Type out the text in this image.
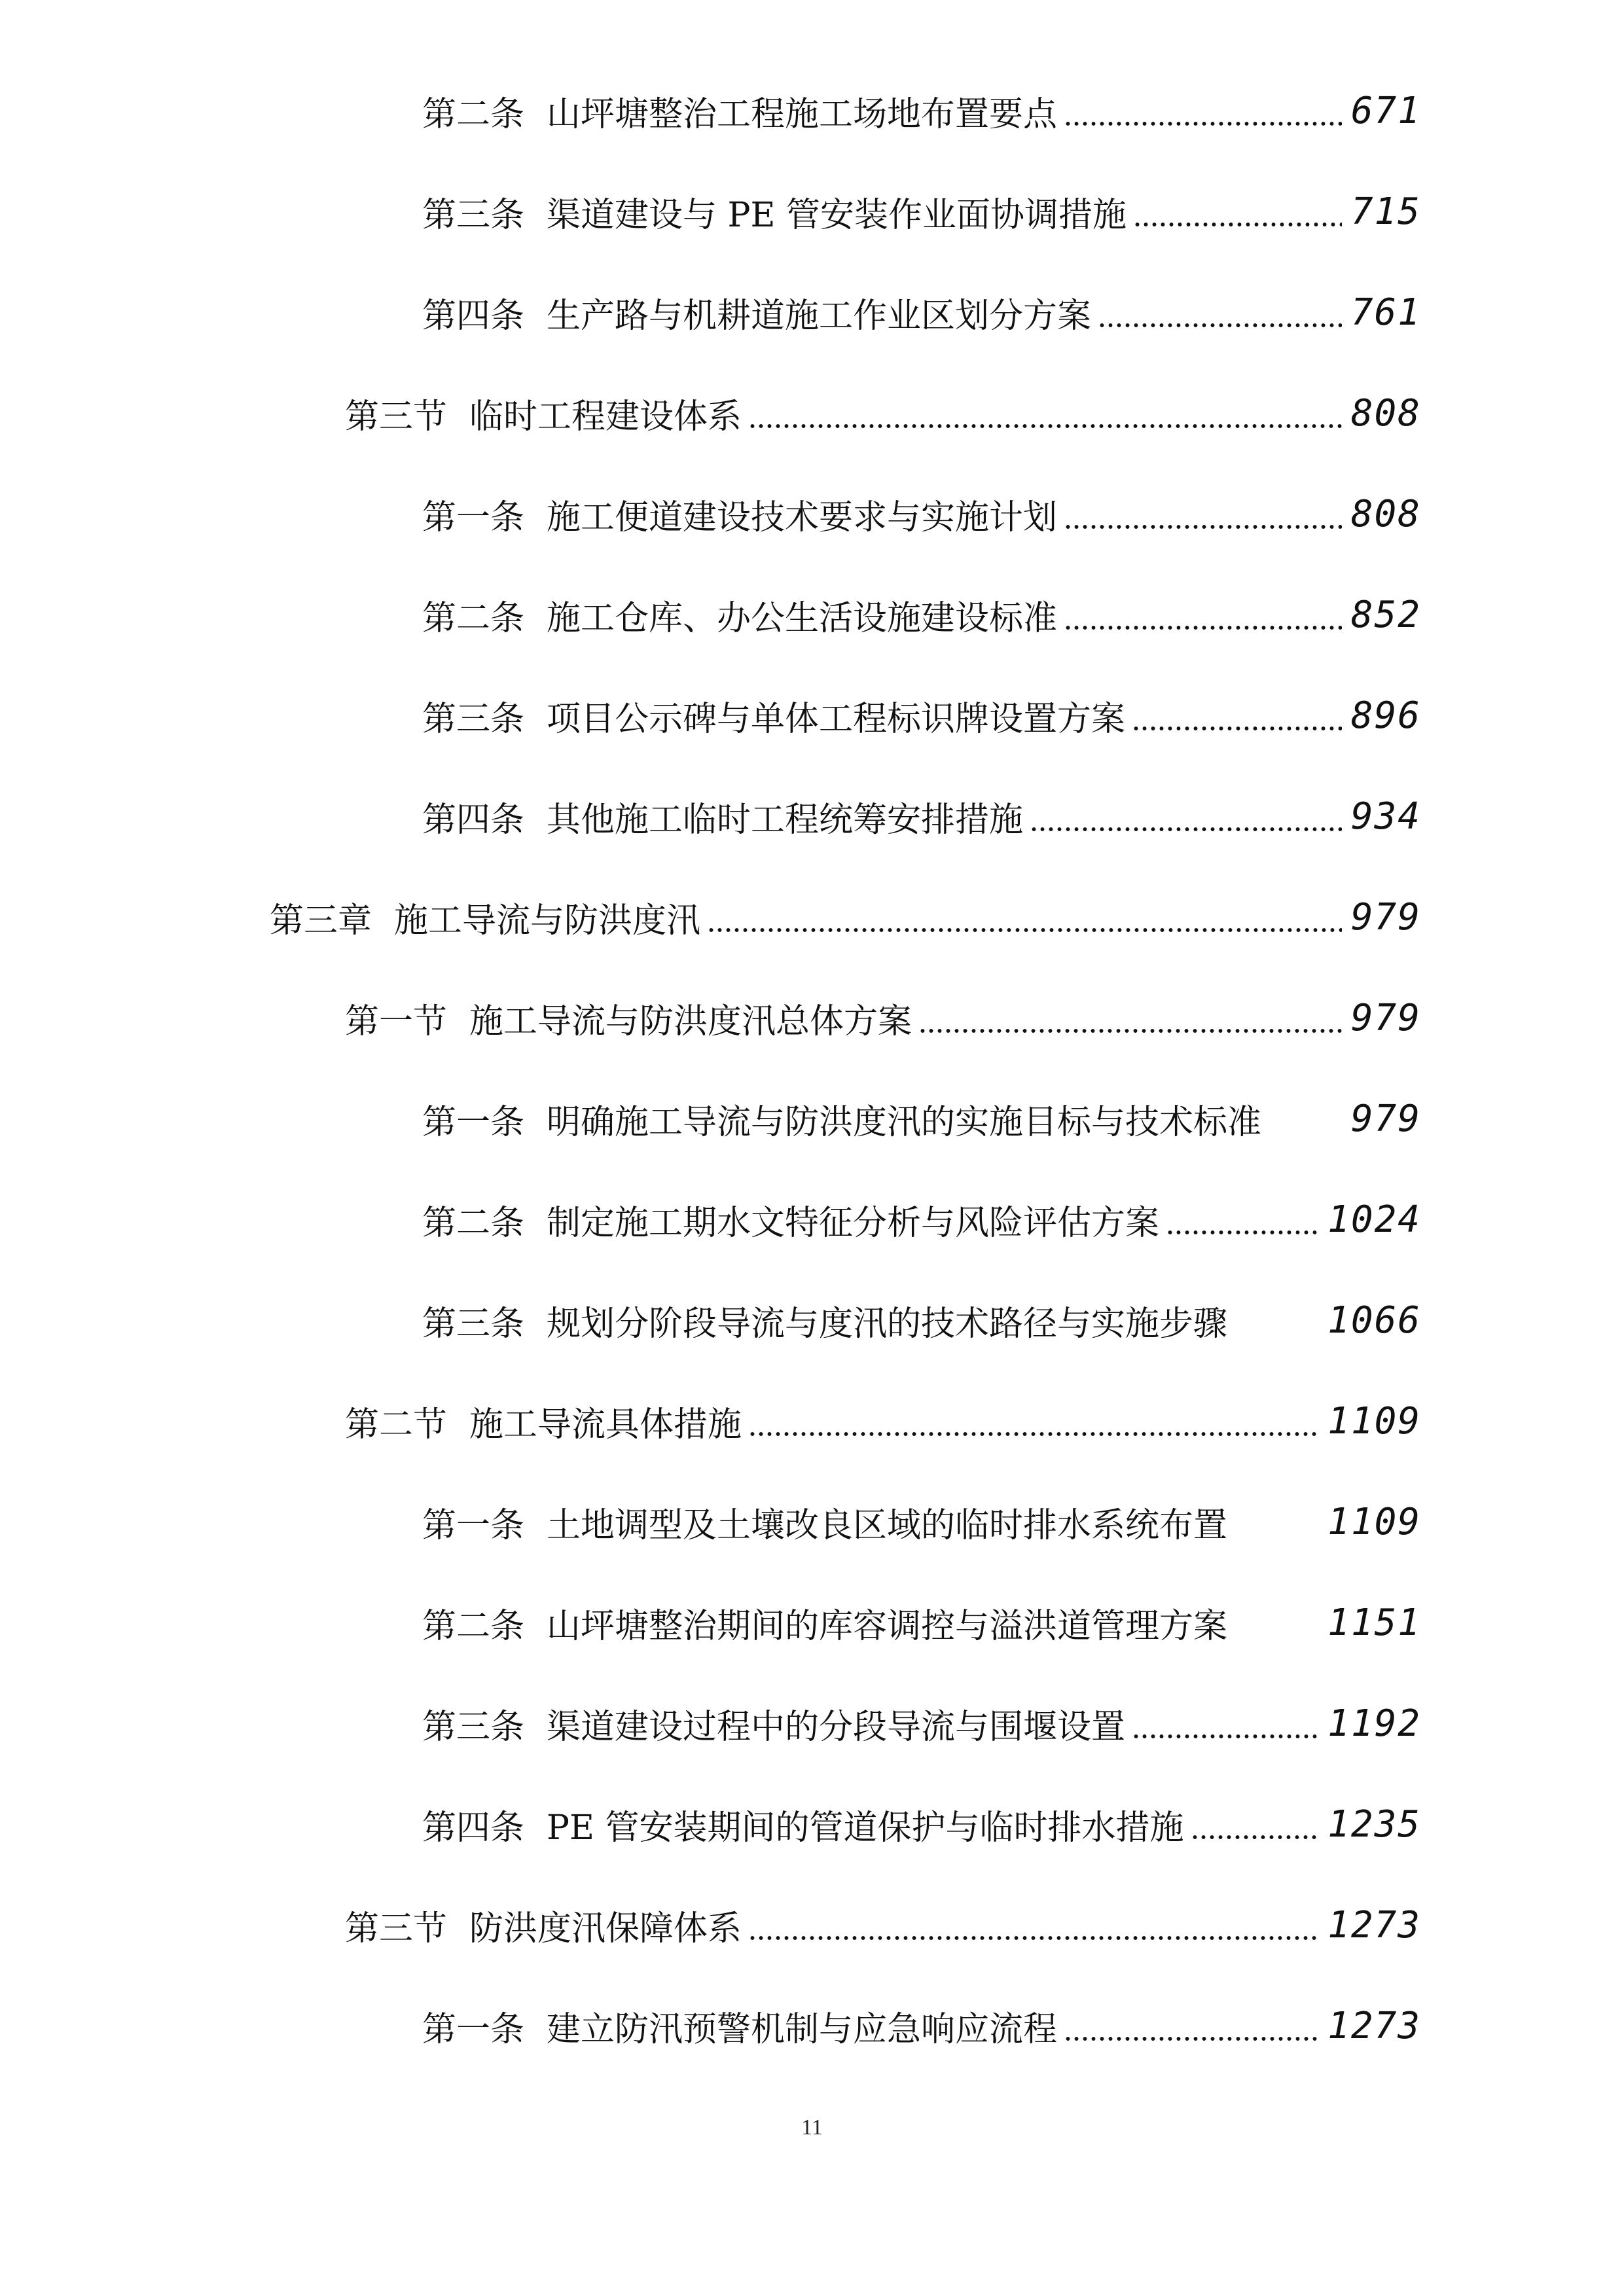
第二条 山坪塘整治工程施工场地布置要点	671
第三条 渠道建设与 PE 管安装作业面协调措施	715
第四条 生产路与机耕道施工作业区划分方案	761
第三节 临时工程建设体系	808
第一条 施工便道建设技术要求与实施计划	808
第二条 施工仓库、办公生活设施建设标准	852
第三条 项目公示碑与单体工程标识牌设置方案	896
第四条 其他施工临时工程统筹安排措施	934
第三章 施工导流与防洪度汛	979
第一节 施工导流与防洪度汛总体方案	979
第一条 明确施工导流与防洪度汛的实施目标与技术标准	979
第二条 制定施工期水文特征分析与风险评估方案	1024
第三条 规划分阶段导流与度汛的技术路径与实施步骤	1066
第二节 施工导流具体措施	1109
第一条 土地调型及土壤改良区域的临时排水系统布置	1109
第二条 山坪塘整治期间的库容调控与溢洪道管理方案	1151
第三条 渠道建设过程中的分段导流与围堰设置	1192
第四条 PE 管安装期间的管道保护与临时排水措施	1235
第三节 防洪度汛保障体系	1273
第一条 建立防汛预警机制与应急响应流程	1273
11
